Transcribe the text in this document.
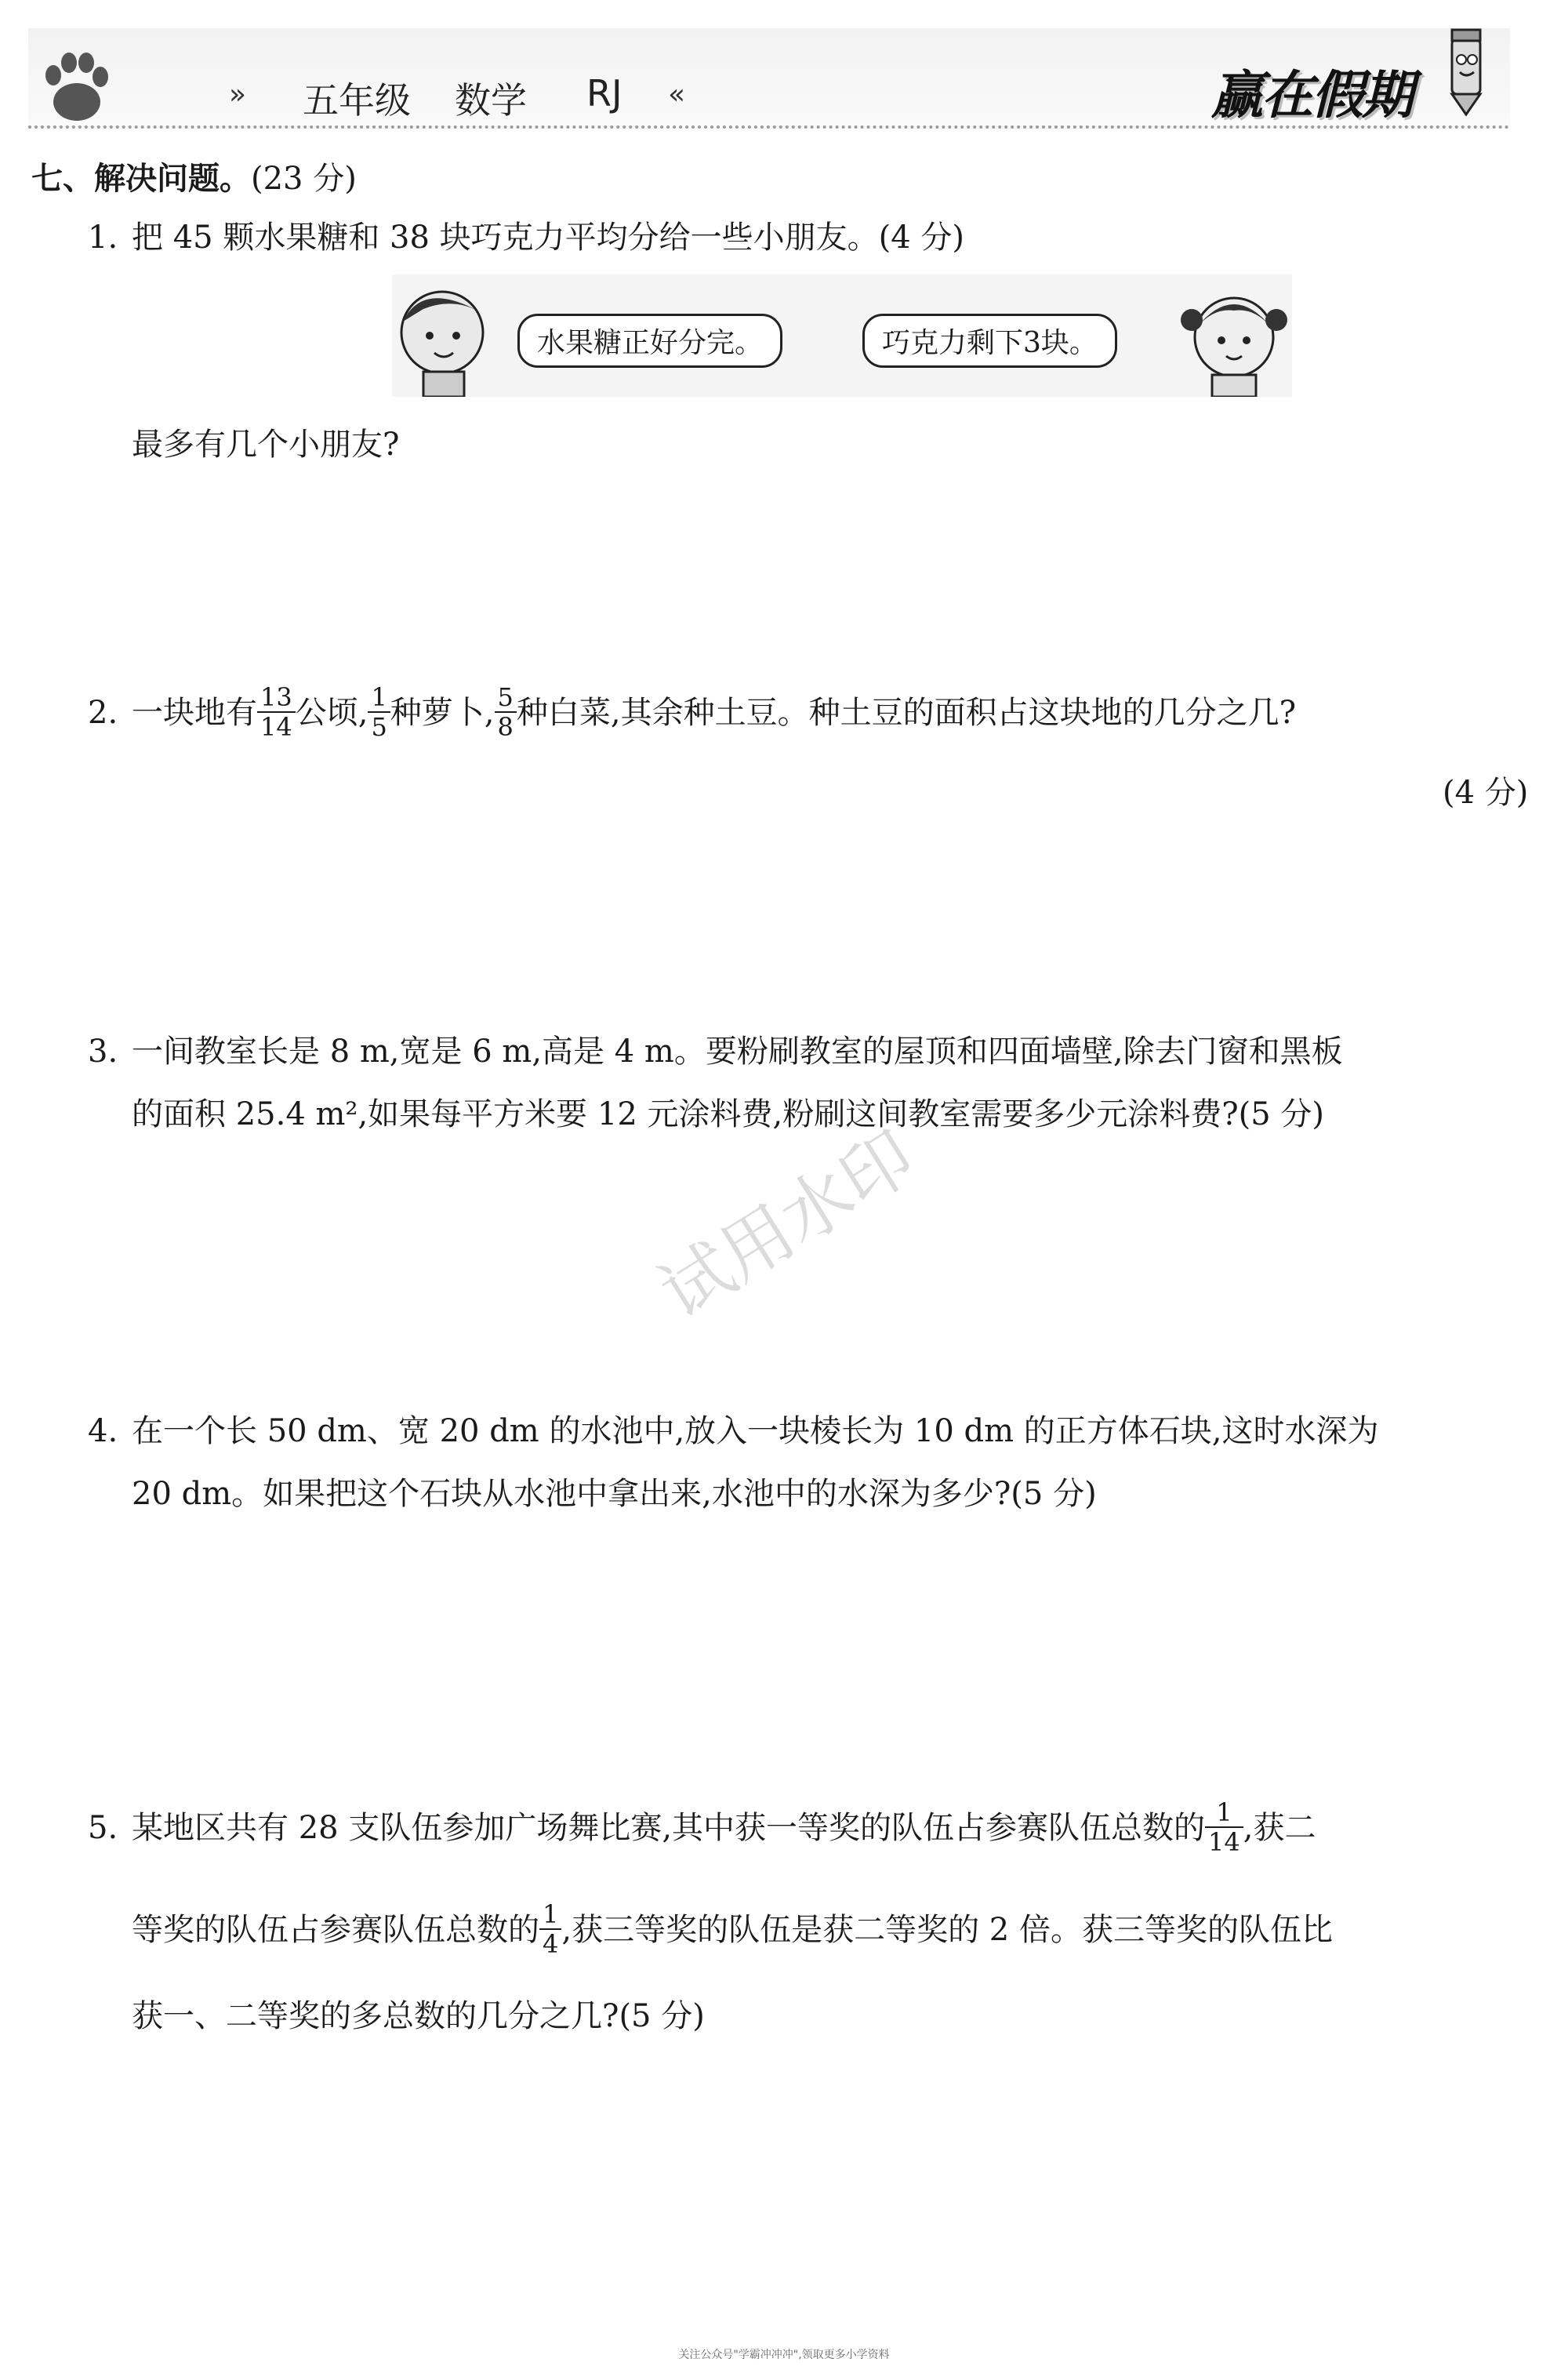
» 五年级 数学 RJ «	赢在假期
七、解决问题。(23 分)
1. 把 45 颗水果糖和 38 块巧克力平均分给一些小朋友。(4 分)
水果糖正好分完。	巧克力剩下3块。
最多有几个小朋友?
2. 一块地有 $\frac{13}{14}$ 公顷, $\frac{1}{5}$ 种萝卜, $\frac{5}{8}$ 种白菜,其余种土豆。种土豆的面积占这块地的几分之几?
(4 分)
3. 一间教室长是 8 m,宽是 6 m,高是 4 m。要粉刷教室的屋顶和四面墙壁,除去门窗和黑板
的面积 25.4 m²,如果每平方米要 12 元涂料费,粉刷这间教室需要多少元涂料费?(5 分)
试用水印
4. 在一个长 50 dm、宽 20 dm 的水池中,放入一块棱长为 10 dm 的正方体石块,这时水深为
20 dm。如果把这个石块从水池中拿出来,水池中的水深为多少?(5 分)
5. 某地区共有 28 支队伍参加广场舞比赛,其中获一等奖的队伍占参赛队伍总数的 $\frac{1}{14}$ ,获二
等奖的队伍占参赛队伍总数的 $\frac{1}{4}$ ,获三等奖的队伍是获二等奖的 2 倍。获三等奖的队伍比
获一、二等奖的多总数的几分之几?(5 分)
关注公众号"学霸冲冲冲",领取更多小学资料
